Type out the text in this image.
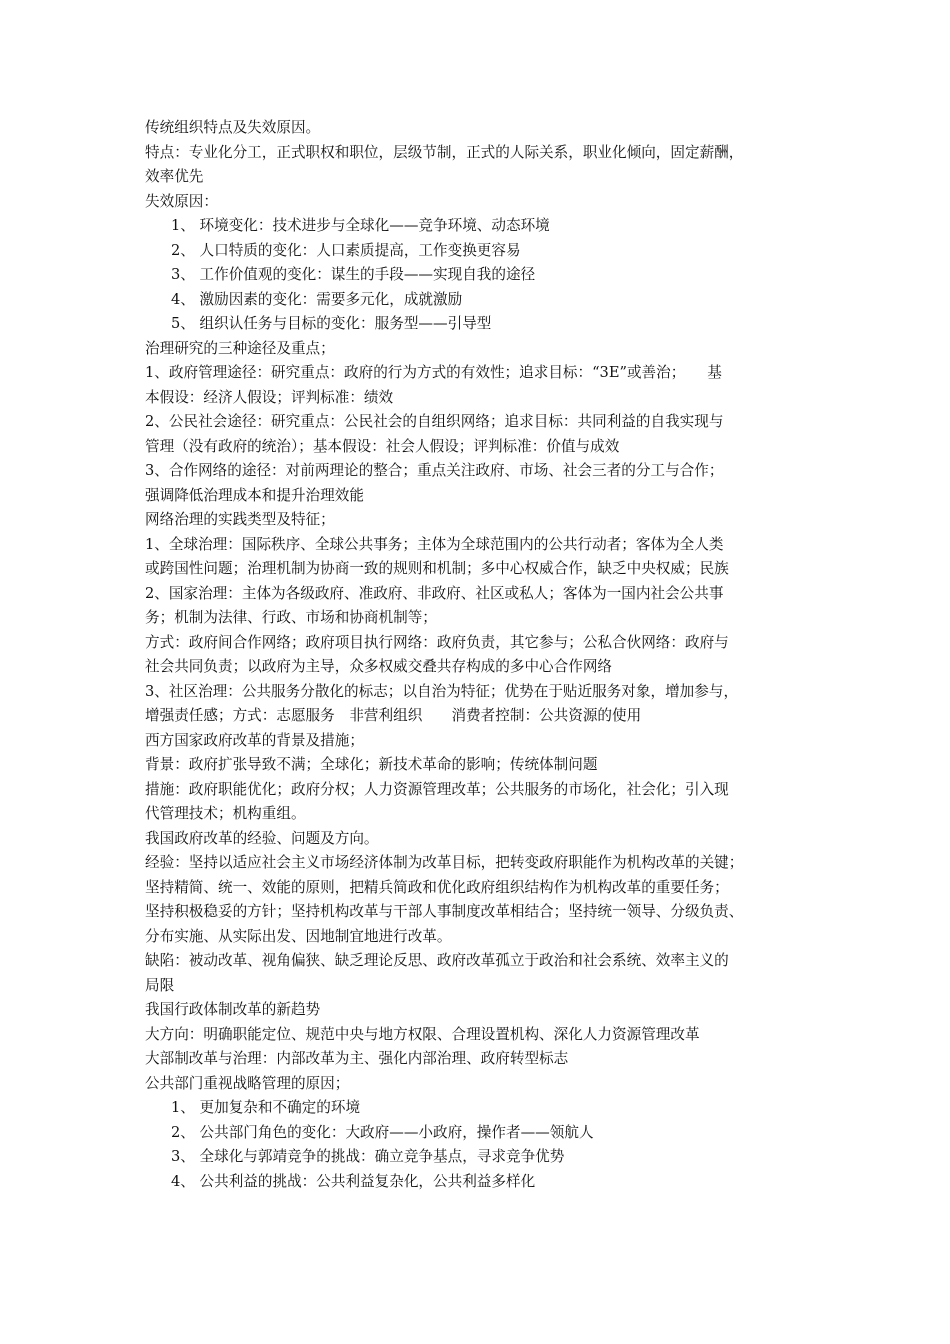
传统组织特点及失效原因。
特点：专业化分工，正式职权和职位，层级节制，正式的人际关系，职业化倾向，固定薪酬，
效率优先
失效原因：
1、 环境变化：技术进步与全球化——竞争环境、动态环境
2、 人口特质的变化：人口素质提高，工作变换更容易
3、 工作价值观的变化：谋生的手段——实现自我的途径
4、 激励因素的变化：需要多元化，成就激励
5、 组织认任务与目标的变化：服务型——引导型
治理研究的三种途径及重点；
1、政府管理途径：研究重点：政府的行为方式的有效性；追求目标：“3E”或善治；　　基
本假设：经济人假设；评判标准：绩效
2、公民社会途径：研究重点：公民社会的自组织网络；追求目标：共同利益的自我实现与
管理（没有政府的统治）；基本假设：社会人假设；评判标准：价值与成效
3、合作网络的途径：对前两理论的整合；重点关注政府、市场、社会三者的分工与合作；
强调降低治理成本和提升治理效能
网络治理的实践类型及特征；
1、全球治理：国际秩序、全球公共事务；主体为全球范围内的公共行动者；客体为全人类
或跨国性问题；治理机制为协商一致的规则和机制；多中心权威合作，缺乏中央权威；民族
2、国家治理：主体为各级政府、准政府、非政府、社区或私人；客体为一国内社会公共事
务；机制为法律、行政、市场和协商机制等；
方式：政府间合作网络；政府项目执行网络：政府负责，其它参与；公私合伙网络：政府与
社会共同负责；以政府为主导，众多权威交叠共存构成的多中心合作网络
3、社区治理：公共服务分散化的标志；以自治为特征；优势在于贴近服务对象，增加参与，
增强责任感；方式：志愿服务　非营利组织　　消费者控制：公共资源的使用
西方国家政府改革的背景及措施；
背景：政府扩张导致不满；全球化；新技术革命的影响；传统体制问题
措施：政府职能优化；政府分权；人力资源管理改革；公共服务的市场化，社会化；引入现
代管理技术；机构重组。
我国政府改革的经验、问题及方向。
经验：坚持以适应社会主义市场经济体制为改革目标，把转变政府职能作为机构改革的关键；
坚持精简、统一、效能的原则，把精兵简政和优化政府组织结构作为机构改革的重要任务；
坚持积极稳妥的方针；坚持机构改革与干部人事制度改革相结合；坚持统一领导、分级负责、
分布实施、从实际出发、因地制宜地进行改革。
缺陷：被动改革、视角偏狭、缺乏理论反思、政府改革孤立于政治和社会系统、效率主义的
局限
我国行政体制改革的新趋势
大方向：明确职能定位、规范中央与地方权限、合理设置机构、深化人力资源管理改革
大部制改革与治理：内部改革为主、强化内部治理、政府转型标志
公共部门重视战略管理的原因；
1、 更加复杂和不确定的环境
2、 公共部门角色的变化：大政府——小政府，操作者——领航人
3、 全球化与郭靖竞争的挑战：确立竞争基点，寻求竞争优势
4、 公共利益的挑战：公共利益复杂化，公共利益多样化
